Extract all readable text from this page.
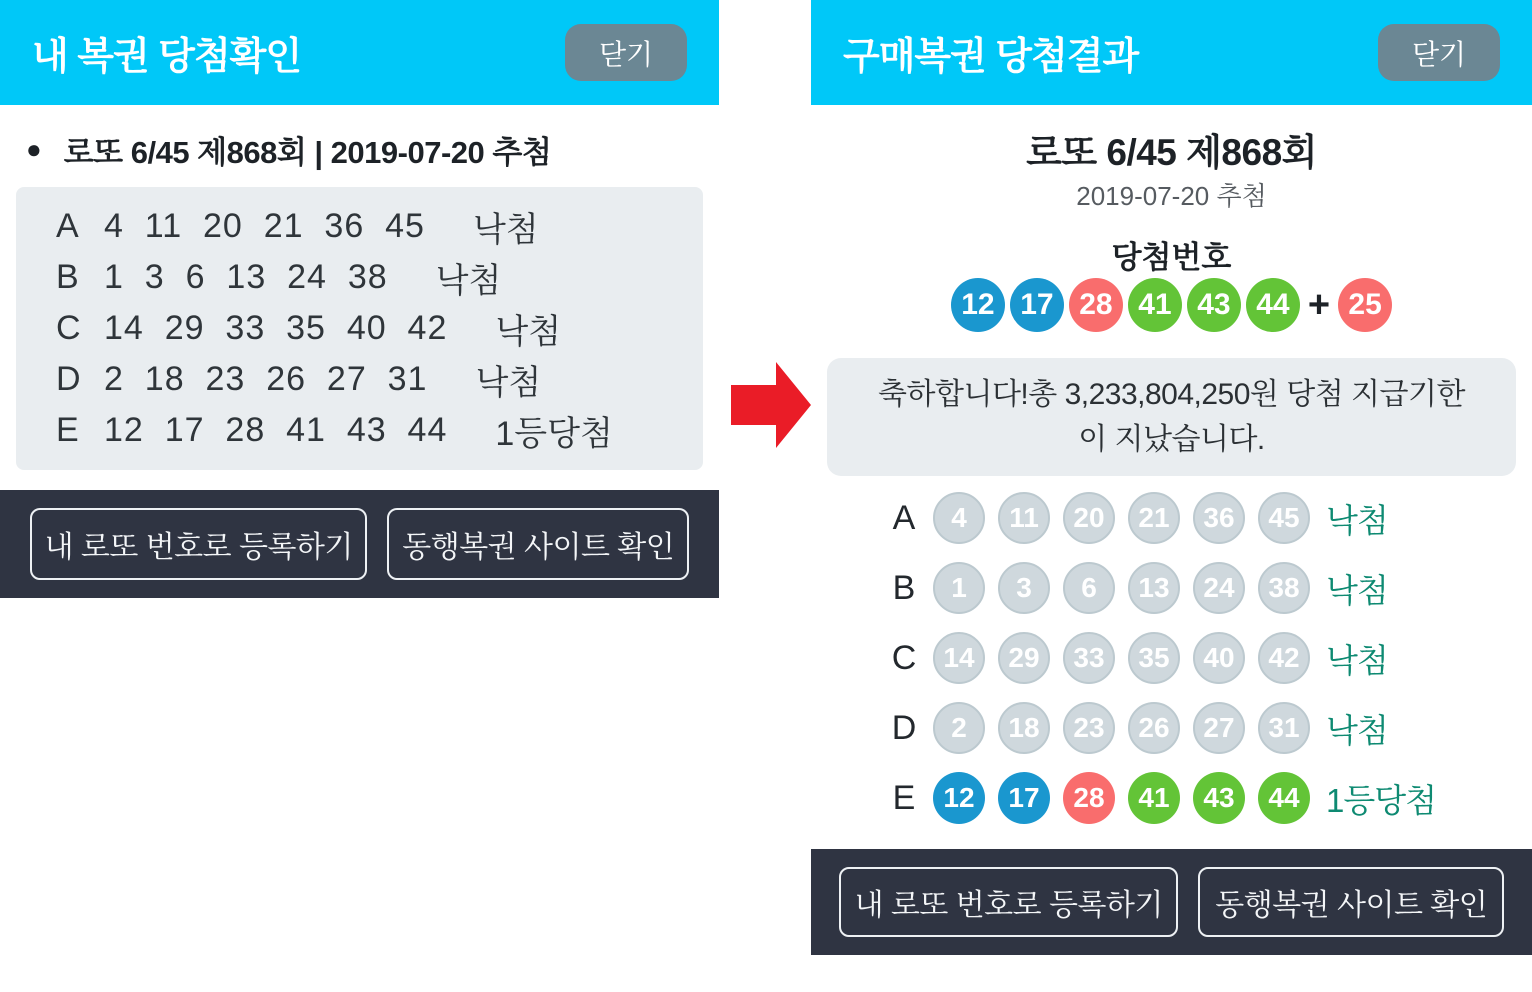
내 복권 당첨확인	닫기
● 로또 6/45 제868회 | 2019-07-20 추첨
A 4  11  20  21  36  45 낙첨
B 1  3  6  13  24  38 낙첨
C 14  29  33  35  40  42 낙첨
D 2  18  23  26  27  31 낙첨
E 12  17  28  41  43  44 1등당첨
내 로또 번호로 등록하기	동행복권 사이트 확인
구매복권 당첨결과	닫기
로또 6/45 제868회
2019-07-20 추첨
당첨번호
12 17 28 41 43 44 + 25
축하합니다!총 3,233,804,250원 당첨 지급기한이 지났습니다.
A	4	11	20	21	36	45 낙첨
B	1	3	6	13	24	38 낙첨
C 14	29	33	35	40	42 낙첨
D	2	18	23	26	27	31 낙첨
E	12	17	28	41	43	44 1등당첨
내 로또 번호로 등록하기	동행복권 사이트 확인
